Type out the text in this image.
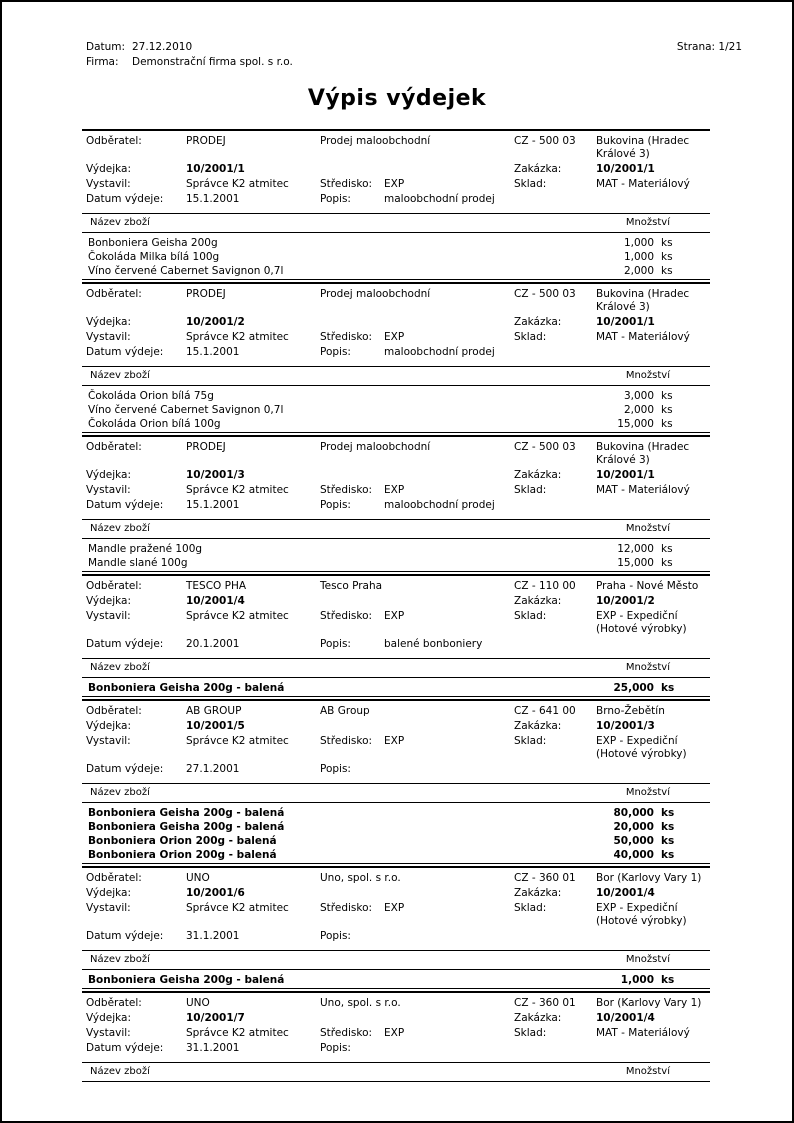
Datum: 27.12.2010
Firma: Demonstrační firma spol. s r.o.
Strana: 1/21
Výpis výdejek
Odběratel:	PRODEJ	Prodej maloobchodní	CZ - 500 03	Bukovina (Hradec Králové 3)
Výdejka:	10/2001/1	Zakázka:	10/2001/1
Vystavil:	Správce K2 atmitec	Středisko:	EXP	Sklad:	MAT - Materiálový
Datum výdeje:	15.1.2001	Popis:	maloobchodní prodej
Název zboží	Množství
Bonboniera Geisha 200g	1,000 ks
Čokoláda Milka bílá 100g	1,000 ks
Víno červené Cabernet Savignon 0,7l	2,000 ks
Odběratel:	PRODEJ	Prodej maloobchodní	CZ - 500 03	Bukovina (Hradec Králové 3)
Výdejka:	10/2001/2	Zakázka:	10/2001/1
Vystavil:	Správce K2 atmitec	Středisko:	EXP	Sklad:	MAT - Materiálový
Datum výdeje:	15.1.2001	Popis:	maloobchodní prodej
Název zboží	Množství
Čokoláda Orion bílá 75g	3,000 ks
Víno červené Cabernet Savignon 0,7l	2,000 ks
Čokoláda Orion bílá 100g	15,000 ks
Odběratel:	PRODEJ	Prodej maloobchodní	CZ - 500 03	Bukovina (Hradec Králové 3)
Výdejka:	10/2001/3	Zakázka:	10/2001/1
Vystavil:	Správce K2 atmitec	Středisko:	EXP	Sklad:	MAT - Materiálový
Datum výdeje:	15.1.2001	Popis:	maloobchodní prodej
Název zboží	Množství
Mandle pražené 100g	12,000 ks
Mandle slané 100g	15,000 ks
Odběratel:	TESCO PHA	Tesco Praha	CZ - 110 00	Praha - Nové Město
Výdejka:	10/2001/4	Zakázka:	10/2001/2
Vystavil:	Správce K2 atmitec	Středisko:	EXP	Sklad:	EXP - Expediční (Hotové výrobky)
Datum výdeje:	20.1.2001	Popis:	balené bonboniery
Název zboží	Množství
Bonboniera Geisha 200g - balená	25,000 ks
Odběratel:	AB GROUP	AB Group	CZ - 641 00	Brno-Žebětín
Výdejka:	10/2001/5	Zakázka:	10/2001/3
Vystavil:	Správce K2 atmitec	Středisko:	EXP	Sklad:	EXP - Expediční (Hotové výrobky)
Datum výdeje:	27.1.2001	Popis:
Název zboží	Množství
Bonboniera Geisha 200g - balená	80,000 ks
Bonboniera Geisha 200g - balená	20,000 ks
Bonboniera Orion 200g - balená	50,000 ks
Bonboniera Orion 200g - balená	40,000 ks
Odběratel:	UNO	Uno, spol. s r.o.	CZ - 360 01	Bor (Karlovy Vary 1)
Výdejka:	10/2001/6	Zakázka:	10/2001/4
Vystavil:	Správce K2 atmitec	Středisko:	EXP	Sklad:	EXP - Expediční (Hotové výrobky)
Datum výdeje:	31.1.2001	Popis:
Název zboží	Množství
Bonboniera Geisha 200g - balená	1,000 ks
Odběratel:	UNO	Uno, spol. s r.o.	CZ - 360 01	Bor (Karlovy Vary 1)
Výdejka:	10/2001/7	Zakázka:	10/2001/4
Vystavil:	Správce K2 atmitec	Středisko:	EXP	Sklad:	MAT - Materiálový
Datum výdeje:	31.1.2001	Popis:
Název zboží	Množství
